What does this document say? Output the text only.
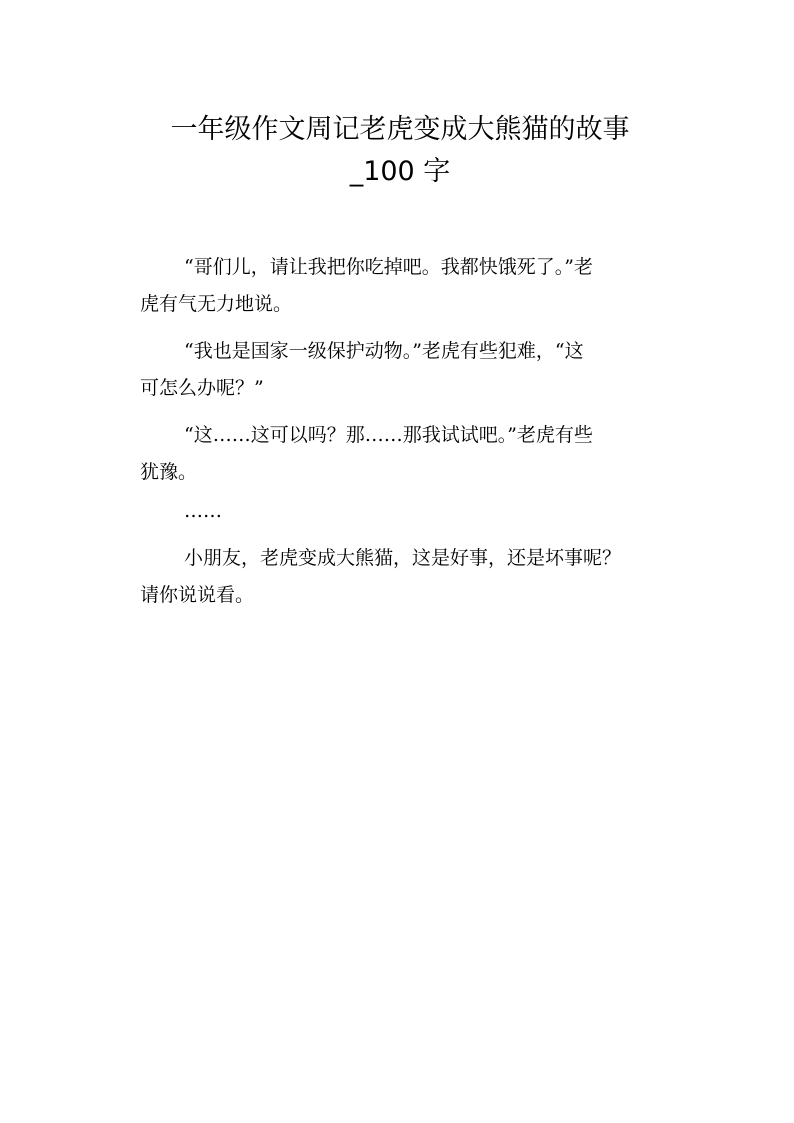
一年级作文周记老虎变成大熊猫的故事
_100 字

“哥们儿，请让我把你吃掉吧。我都快饿死了。”老

虎有气无力地说。

“我也是国家一级保护动物。”老虎有些犯难，“这

可怎么办呢？”

“这……这可以吗？那……那我试试吧。”老虎有些

犹豫。

……

小朋友，老虎变成大熊猫，这是好事，还是坏事呢？

请你说说看。
